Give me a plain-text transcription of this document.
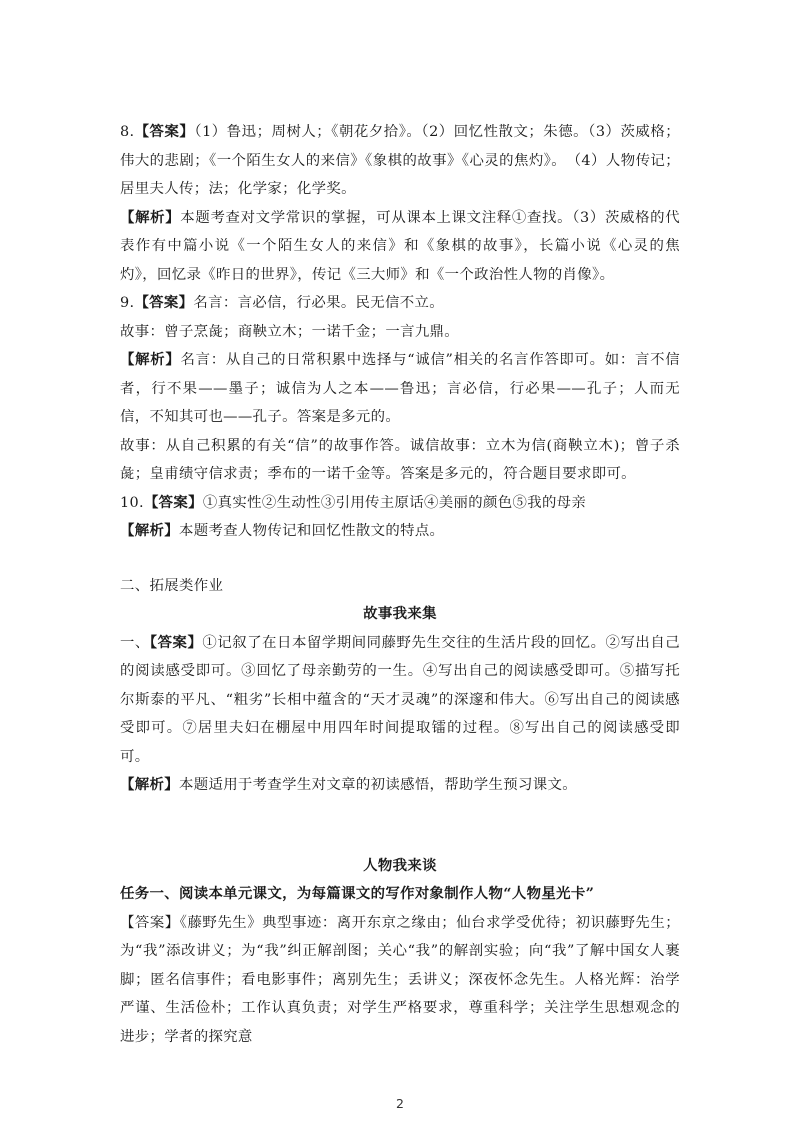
8.【答案】（1）鲁迅；周树人；《朝花夕拾》。（2）回忆性散文；朱德。（3）茨威格；伟大的悲剧；《一个陌生女人的来信》《象棋的故事》《心灵的焦灼》。　（4）人物传记；居里夫人传；法；化学家；化学奖。

【解析】本题考查对文学常识的掌握，可从课本上课文注释①查找。（3）茨威格的代表作有中篇小说《一个陌生女人的来信》和《象棋的故事》，长篇小说《心灵的焦灼》，回忆录《昨日的世界》，传记《三大师》和《一个政治性人物的肖像》。

9.【答案】名言：言必信，行必果。民无信不立。

故事：曾子烹彘；商鞅立木；一诺千金；一言九鼎。

【解析】名言：从自己的日常积累中选择与“诚信”相关的名言作答即可。如：言不信者，行不果——墨子；诚信为人之本——鲁迅；言必信，行必果——孔子；人而无信，不知其可也——孔子。答案是多元的。

故事：从自己积累的有关“信”的故事作答。诚信故事：立木为信(商鞅立木)；曾子杀彘；皇甫绩守信求责；季布的一诺千金等。答案是多元的，符合题目要求即可。

10.【答案】①真实性②生动性③引用传主原话④美丽的颜色⑤我的母亲

【解析】本题考查人物传记和回忆性散文的特点。

二、拓展类作业

故事我来集

一、【答案】①记叙了在日本留学期间同藤野先生交往的生活片段的回忆。②写出自己的阅读感受即可。③回忆了母亲勤劳的一生。④写出自己的阅读感受即可。⑤描写托尔斯泰的平凡、“粗劣”长相中蕴含的“天才灵魂”的深邃和伟大。⑥写出自己的阅读感受即可。⑦居里夫妇在棚屋中用四年时间提取镭的过程。⑧写出自己的阅读感受即可。

【解析】本题适用于考查学生对文章的初读感悟，帮助学生预习课文。

人物我来谈

任务一、阅读本单元课文，为每篇课文的写作对象制作人物“人物星光卡”

【答案】《藤野先生》典型事迹：离开东京之缘由；仙台求学受优待；初识藤野先生；为“我”添改讲义；为“我”纠正解剖图；关心“我”的解剖实验；向“我”了解中国女人裹脚；匿名信事件；看电影事件；离别先生；丢讲义；深夜怀念先生。人格光辉：治学严谨、生活俭朴；工作认真负责；对学生严格要求，尊重科学；关注学生思想观念的进步；学者的探究意

2
